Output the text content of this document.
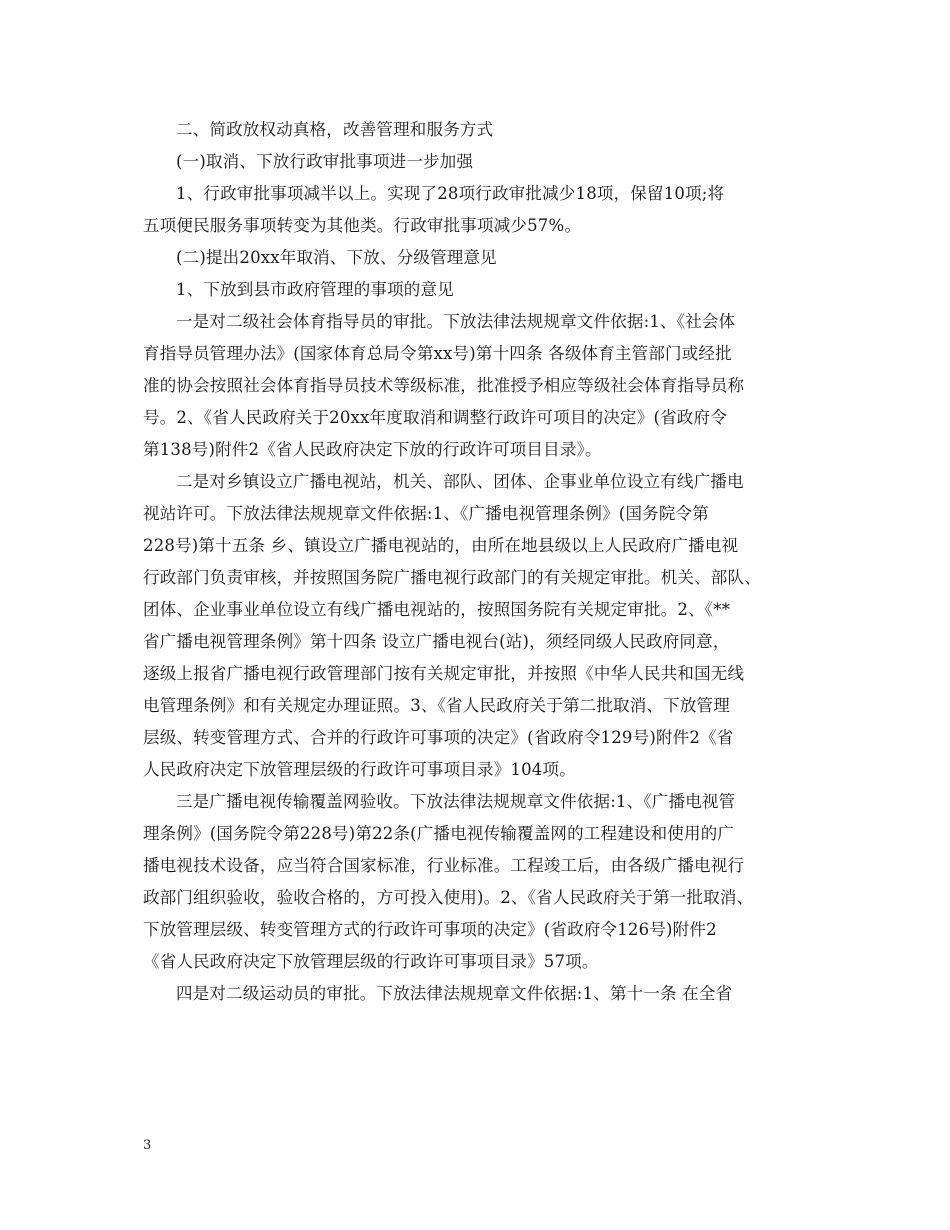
二、简政放权动真格，改善管理和服务方式
(一)取消、下放行政审批事项进一步加强
1、行政审批事项减半以上。实现了28项行政审批减少18项，保留10项;将
五项便民服务事项转变为其他类。行政审批事项减少57%。
(二)提出20xx年取消、下放、分级管理意见
1、下放到县市政府管理的事项的意见
一是对二级社会体育指导员的审批。下放法律法规规章文件依据:1、《社会体
育指导员管理办法》(国家体育总局令第xx号)第十四条 各级体育主管部门或经批
准的协会按照社会体育指导员技术等级标准，批准授予相应等级社会体育指导员称
号。2、《省人民政府关于20xx年度取消和调整行政许可项目的决定》(省政府令
第138号)附件2《省人民政府决定下放的行政许可项目目录》。
二是对乡镇设立广播电视站，机关、部队、团体、企事业单位设立有线广播电
视站许可。下放法律法规规章文件依据:1、《广播电视管理条例》(国务院令第
228号)第十五条 乡、镇设立广播电视站的，由所在地县级以上人民政府广播电视
行政部门负责审核，并按照国务院广播电视行政部门的有关规定审批。机关、部队、
团体、企业事业单位设立有线广播电视站的，按照国务院有关规定审批。2、《**
省广播电视管理条例》第十四条 设立广播电视台(站)，须经同级人民政府同意，
逐级上报省广播电视行政管理部门按有关规定审批，并按照《中华人民共和国无线
电管理条例》和有关规定办理证照。3、《省人民政府关于第二批取消、下放管理
层级、转变管理方式、合并的行政许可事项的决定》(省政府令129号)附件2《省
人民政府决定下放管理层级的行政许可事项目录》104项。
三是广播电视传输覆盖网验收。下放法律法规规章文件依据:1、《广播电视管
理条例》(国务院令第228号)第22条(广播电视传输覆盖网的工程建设和使用的广
播电视技术设备，应当符合国家标准，行业标准。工程竣工后，由各级广播电视行
政部门组织验收，验收合格的，方可投入使用)。2、《省人民政府关于第一批取消、
下放管理层级、转变管理方式的行政许可事项的决定》(省政府令126号)附件2
《省人民政府决定下放管理层级的行政许可事项目录》57项。
四是对二级运动员的审批。下放法律法规规章文件依据:1、第十一条 在全省
3
